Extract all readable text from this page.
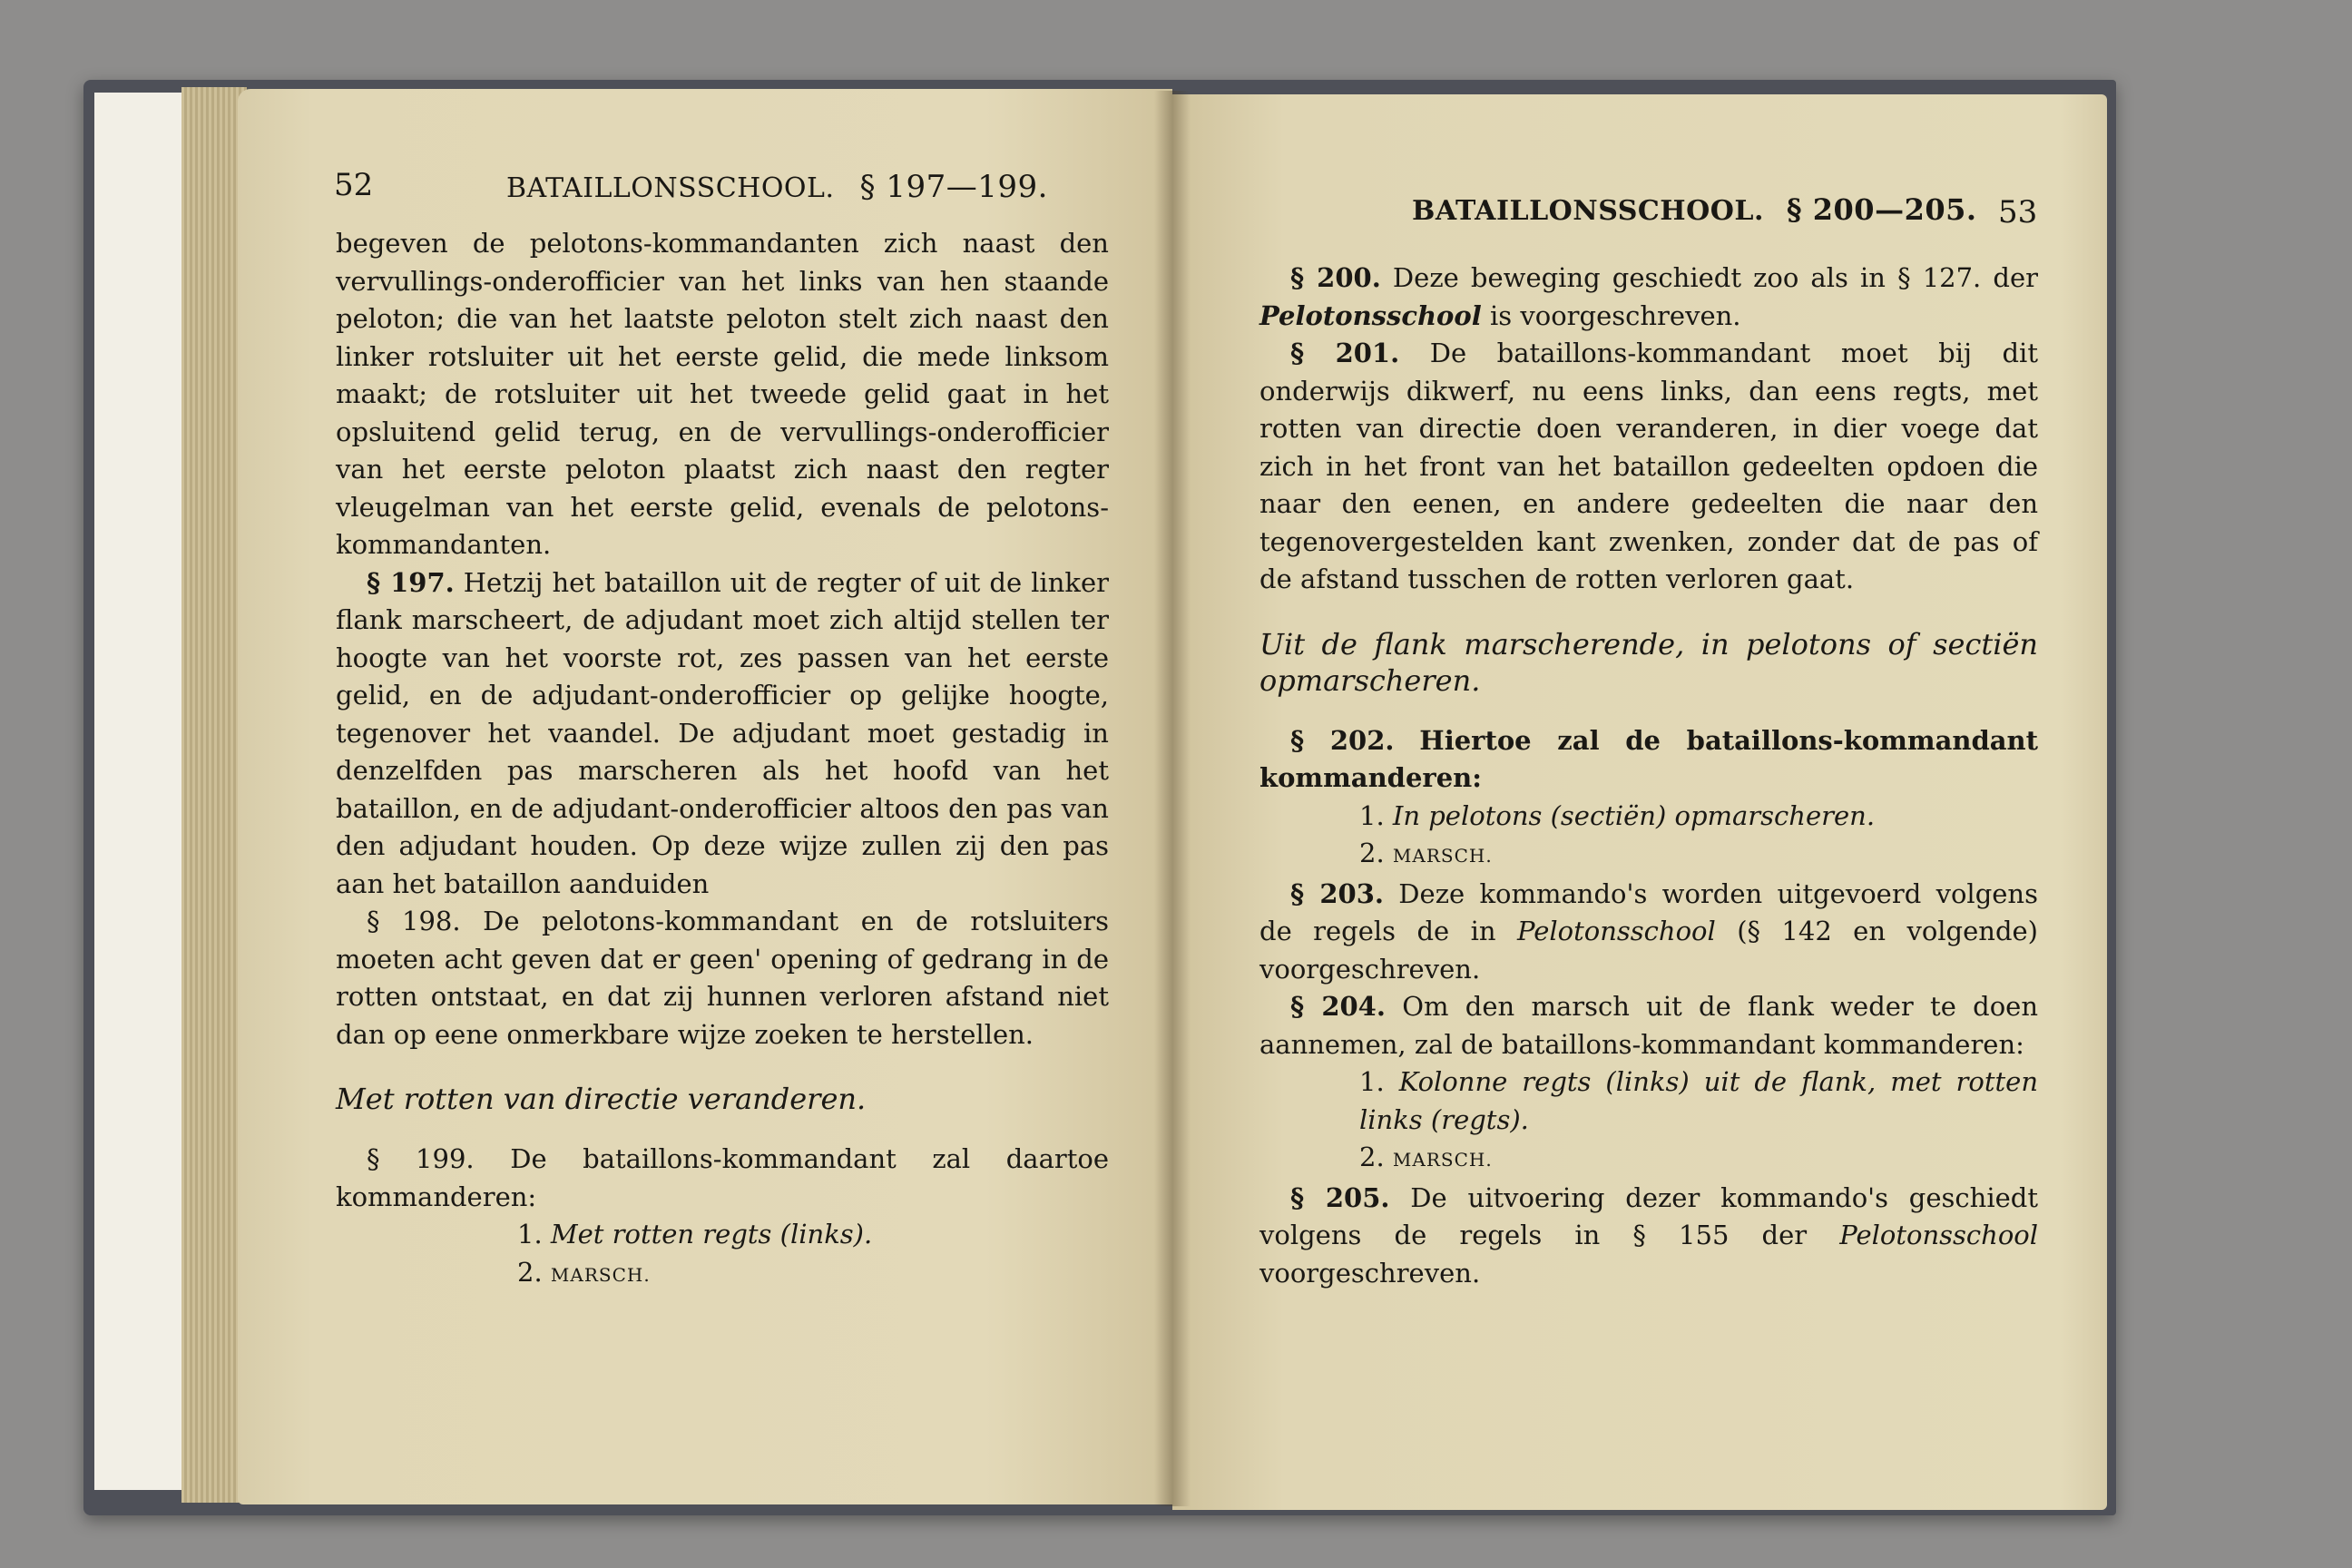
52	BATAILLONSSCHOOL. § 197—199.

begeven de pelotons-kommandanten zich naast den vervullings-onderofficier van het links van hen staande peloton; die van het laatste peloton stelt zich naast den linker rotsluiter uit het eerste gelid, die mede linksom maakt; de rotsluiter uit het tweede gelid gaat in het opsluitend gelid terug, en de vervullings-onderofficier van het eerste peloton plaatst zich naast den regter vleugelman van het eerste gelid, evenals de pelotons-kommandanten.

§ 197. Hetzij het bataillon uit de regter of uit de linker flank marscheert, de adjudant moet zich altijd stellen ter hoogte van het voorste rot, zes passen van het eerste gelid, en de adjudant-onderofficier op gelijke hoogte, tegenover het vaandel. De adjudant moet gestadig in denzelfden pas marscheren als het hoofd van het bataillon, en de adjudant-onderofficier altoos den pas van den adjudant houden. Op deze wijze zullen zij den pas aan het bataillon aanduiden

§ 198. De pelotons-kommandant en de rotsluiters moeten acht geven dat er geen' opening of gedrang in de rotten ontstaat, en dat zij hunnen verloren afstand niet dan op eene onmerkbare wijze zoeken te herstellen.

Met rotten van directie veranderen.

§ 199. De bataillons-kommandant zal daartoe kommanderen:

1. Met rotten regts (links).

2. MARSCH.

BATAILLONSSCHOOL. § 200—205. 53

§ 200. Deze beweging geschiedt zoo als in § 127. der Pelotonsschool is voorgeschreven.

§ 201. De bataillons-kommandant moet bij dit onderwijs dikwerf, nu eens links, dan eens regts, met rotten van directie doen veranderen, in dier voege dat zich in het front van het bataillon gedeelten opdoen die naar den eenen, en andere gedeelten die naar den tegenovergestelden kant zwenken, zonder dat de pas of de afstand tusschen de rotten verloren gaat.

Uit de flank marscherende, in pelotons of sectiën opmarscheren.

§ 202. Hiertoe zal de bataillons-kommandant kommanderen:

1. In pelotons (sectiën) opmarscheren.

2. MARSCH.

§ 203. Deze kommando's worden uitgevoerd volgens de regels de in Pelotonsschool (§ 142 en volgende) voorgeschreven.

§ 204. Om den marsch uit de flank weder te doen aannemen, zal de bataillons-kommandant kommanderen:

1. Kolonne regts (links) uit de flank, met rotten links (regts).

2. MARSCH.

§ 205. De uitvoering dezer kommando's geschiedt volgens de regels in § 155 der Pelotonsschool voorgeschreven.
